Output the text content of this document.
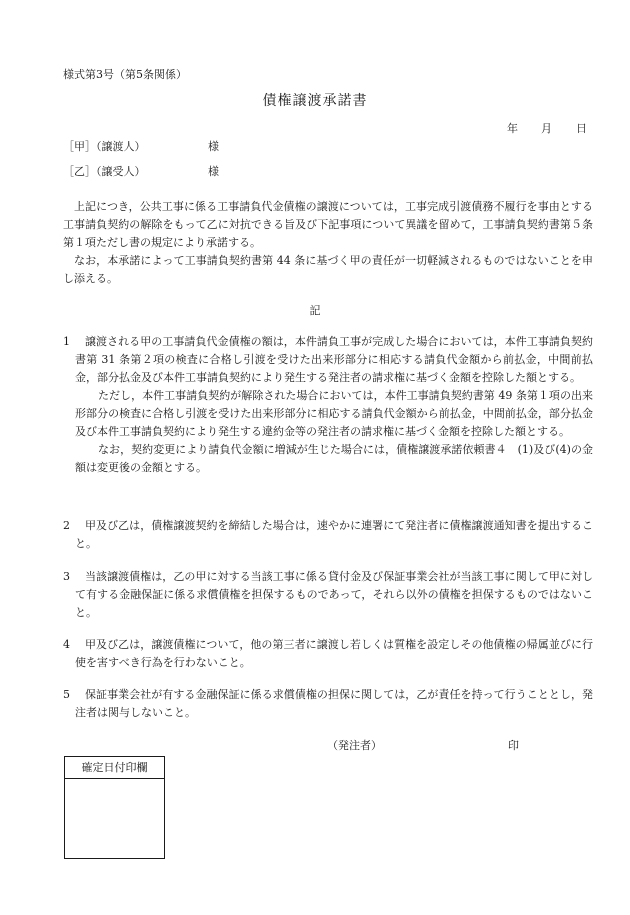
様式第3号（第5条関係）
債権譲渡承諾書
年 月 日
［甲］（譲渡人）	様
［乙］（譲受人）	様
上記につき，公共工事に係る工事請負代金債権の譲渡については，工事完成引渡債務不履行を事由とする工事請負契約の解除をもって乙に対抗できる旨及び下記事項について異議を留めて，工事請負契約書第５条第１項ただし書の規定により承諾する。
なお，本承諾によって工事請負契約書第 44 条に基づく甲の責任が一切軽減されるものではないことを申し添える。
記
1	譲渡される甲の工事請負代金債権の額は，本件請負工事が完成した場合においては，本件工事請負契約書第 31 条第２項の検査に合格し引渡を受けた出来形部分に相応する請負代金額から前払金，中間前払金，部分払金及び本件工事請負契約により発生する発注者の請求権に基づく金額を控除した額とする。
ただし，本件工事請負契約が解除された場合においては，本件工事請負契約書第 49 条第１項の出来形部分の検査に合格し引渡を受けた出来形部分に相応する請負代金額から前払金，中間前払金，部分払金及び本件工事請負契約により発生する違約金等の発注者の請求権に基づく金額を控除した額とする。
なお，契約変更により請負代金額に増減が生じた場合には，債権譲渡承諾依頼書４　(1)及び(4)の金額は変更後の金額とする。
2	甲及び乙は，債権譲渡契約を締結した場合は，速やかに連署にて発注者に債権譲渡通知書を提出すること。
3	当該譲渡債権は，乙の甲に対する当該工事に係る貸付金及び保証事業会社が当該工事に関して甲に対して有する金融保証に係る求償債権を担保するものであって，それら以外の債権を担保するものではないこと。
4	甲及び乙は，譲渡債権について，他の第三者に譲渡し若しくは質権を設定しその他債権の帰属並びに行使を害すべき行為を行わないこと。
5	保証事業会社が有する金融保証に係る求償債権の担保に関しては，乙が責任を持って行うこととし，発注者は関与しないこと。
（発注者）	印
確定日付印欄
